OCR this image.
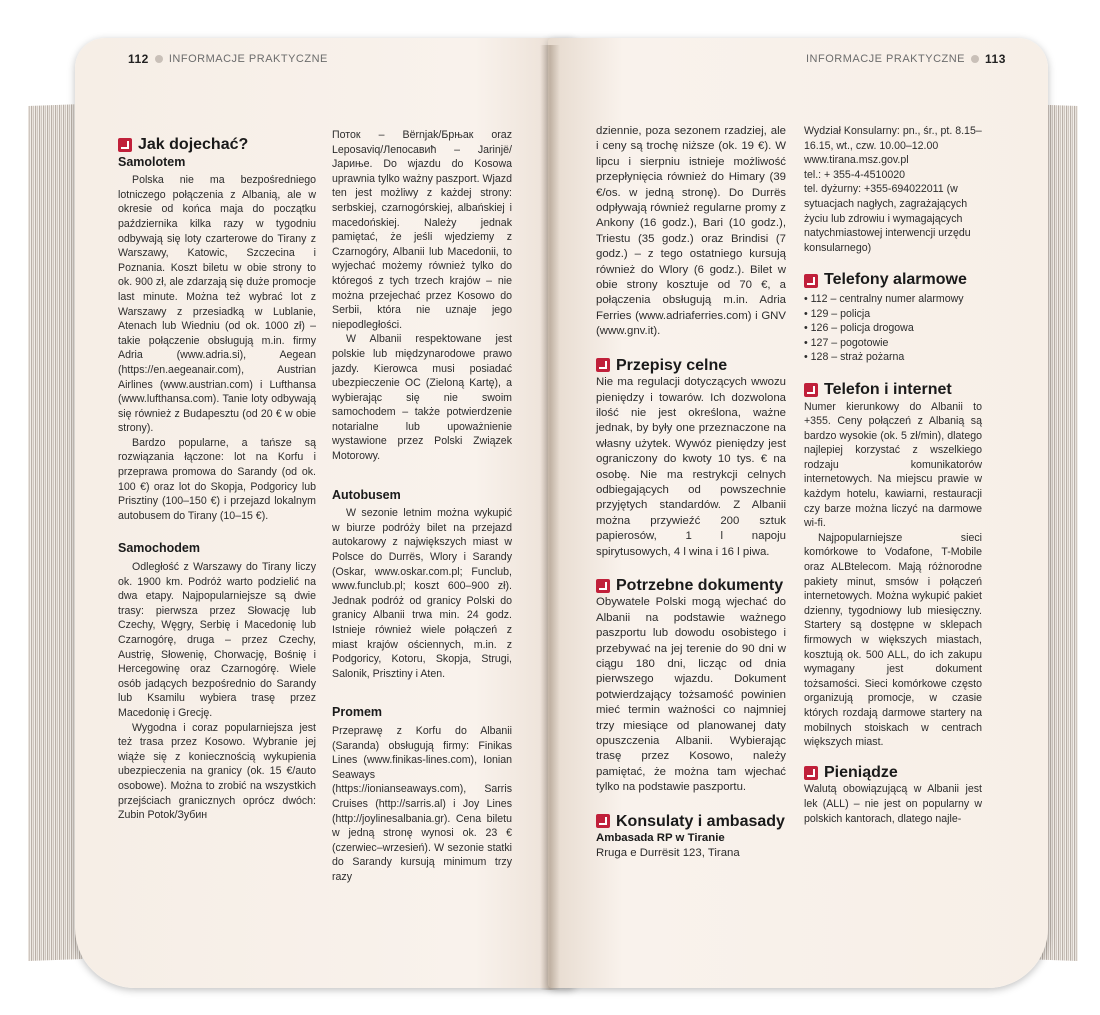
112 INFORMACJE PRAKTYCZNE	INFORMACJE PRAKTYCZNE 113
Jak dojechać?
Samolotem

Polska nie ma bezpośredniego lotniczego połączenia z Albanią, ale w okresie od końca maja do początku października kilka razy w tygodniu odbywają się loty czarterowe do Tirany z Warszawy, Katowic, Szczecina i Poznania. Koszt biletu w obie strony to ok. 900 zł, ale zdarzają się duże promocje last minute. Można też wybrać lot z Warszawy z przesiadką w Lublanie, Atenach lub Wiedniu (od ok. 1000 zł) – takie połączenie obsługują m.in. firmy Adria (www.adria.si), Aegean (https://en.aegeanair.com), Austrian Airlines (www.austrian.com) i Lufthansa (www.lufthansa.com). Tanie loty odbywają się również z Budapesztu (od 20 € w obie strony).

Bardzo popularne, a tańsze są rozwiązania łączone: lot na Korfu i przeprawa promowa do Sarandy (od ok. 100 €) oraz lot do Skopja, Podgoricy lub Prisztiny (100–150 €) i przejazd lokalnym autobusem do Tirany (10–15 €).

Samochodem

Odległość z Warszawy do Tirany liczy ok. 1900 km. Podróż warto podzielić na dwa etapy. Najpopularniejsze są dwie trasy: pierwsza przez Słowację lub Czechy, Węgry, Serbię i Macedonię lub Czarnogórę, druga – przez Czechy, Austrię, Słowenię, Chorwację, Bośnię i Hercegowinę oraz Czarnogórę. Wiele osób jadących bezpośrednio do Sarandy lub Ksamilu wybiera trasę przez Macedonię i Grecję.

Wygodna i coraz popularniejsza jest też trasa przez Kosowo. Wybranie jej wiąże się z koniecznością wykupienia ubezpieczenia na granicy (ok. 15 €/auto osobowe). Można to zrobić na wszystkich przejściach granicznych oprócz dwóch: Zubin Potok/Зубин

Поток – Bërnjak/Брњак oraz Leposaviq/Лепосавић – Jarinjë/Јариње. Do wjazdu do Kosowa uprawnia tylko ważny paszport. Wjazd ten jest możliwy z każdej strony: serbskiej, czarnogórskiej, albańskiej i macedońskiej. Należy jednak pamiętać, że jeśli wjedziemy z Czarnogóry, Albanii lub Macedonii, to wyjechać możemy również tylko do któregoś z tych trzech krajów – nie można przejechać przez Kosowo do Serbii, która nie uznaje jego niepodległości.

W Albanii respektowane jest polskie lub międzynarodowe prawo jazdy. Kierowca musi posiadać ubezpieczenie OC (Zieloną Kartę), a wybierając się nie swoim samochodem – także potwierdzenie notarialne lub upoważnienie wystawione przez Polski Związek Motorowy.

Autobusem

W sezonie letnim można wykupić w biurze podróży bilet na przejazd autokarowy z największych miast w Polsce do Durrës, Wlory i Sarandy (Oskar, www.oskar.com.pl; Funclub, www.funclub.pl; koszt 600–900 zł). Jednak podróż od granicy Polski do granicy Albanii trwa min. 24 godz. Istnieje również wiele połączeń z miast krajów ościennych, m.in. z Podgoricy, Kotoru, Skopja, Strugi, Salonik, Prisztiny i Aten.

Promem

Przeprawę z Korfu do Albanii (Saranda) obsługują firmy: Finikas Lines (www.finikas-lines.com), Ionian Seaways (https://ionianseaways.com), Sarris Cruises (http://sarris.al) i Joy Lines (http://joylinesalbania.gr). Cena biletu w jedną stronę wynosi ok. 23 € (czerwiec–wrzesień). W sezonie statki do Sarandy kursują minimum trzy razy

dziennie, poza sezonem rzadziej, ale i ceny są trochę niższe (ok. 19 €). W lipcu i sierpniu istnieje możliwość przepłynięcia również do Himary (39 €/os. w jedną stronę). Do Durrës odpływają również regularne promy z Ankony (16 godz.), Bari (10 godz.), Triestu (35 godz.) oraz Brindisi (7 godz.) – z tego ostatniego kursują również do Wlory (6 godz.). Bilet w obie strony kosztuje od 70 €, a połączenia obsługują m.in. Adria Ferries (www.adriaferries.com) i GNV (www.gnv.it).

Przepisy celne

Nie ma regulacji dotyczących wwozu pieniędzy i towarów. Ich dozwolona ilość nie jest określona, ważne jednak, by były one przeznaczone na własny użytek. Wywóz pieniędzy jest ograniczony do kwoty 10 tys. € na osobę. Nie ma restrykcji celnych odbiegających od powszechnie przyjętych standardów. Z Albanii można przywieźć 200 sztuk papierosów, 1 l napoju spirytusowych, 4 l wina i 16 l piwa.

Potrzebne dokumenty

Obywatele Polski mogą wjechać do Albanii na podstawie ważnego paszportu lub dowodu osobistego i przebywać na jej terenie do 90 dni w ciągu 180 dni, licząc od dnia pierwszego wjazdu. Dokument potwierdzający tożsamość powinien mieć termin ważności co najmniej trzy miesiące od planowanej daty opuszczenia Albanii. Wybierając trasę przez Kosowo, należy pamiętać, że można tam wjechać tylko na podstawie paszportu.

Konsulaty i ambasady

Ambasada RP w Tiranie

Rruga e Durrësit 123, Tirana

Wydział Konsularny: pn., śr., pt. 8.15–16.15, wt., czw. 10.00–12.00

www.tirana.msz.gov.pl

tel.: + 355-4-4510020

tel. dyżurny: +355-694022011 (w sytuacjach nagłych, zagrażających życiu lub zdrowiu i wymagających natychmiastowej interwencji urzędu konsularnego)

Telefony alarmowe
• 112 – centralny numer alarmowy
• 129 – policja
• 126 – policja drogowa
• 127 – pogotowie
• 128 – straż pożarna
Telefon i internet

Numer kierunkowy do Albanii to +355. Ceny połączeń z Albanią są bardzo wysokie (ok. 5 zł/min), dlatego najlepiej korzystać z wszelkiego rodzaju komunikatorów internetowych. Na miejscu prawie w każdym hotelu, kawiarni, restauracji czy barze można liczyć na darmowe wi-fi.

Najpopularniejsze sieci komórkowe to Vodafone, T-Mobile oraz ALBtelecom. Mają różnorodne pakiety minut, smsów i połączeń internetowych. Można wykupić pakiet dzienny, tygodniowy lub miesięczny. Startery są dostępne w sklepach firmowych w większych miastach, kosztują ok. 500 ALL, do ich zakupu wymagany jest dokument tożsamości. Sieci komórkowe często organizują promocje, w czasie których rozdają darmowe startery na mobilnych stoiskach w centrach większych miast.

Pieniądze

Walutą obowiązującą w Albanii jest lek (ALL) – nie jest on popularny w polskich kantorach, dlatego najle-
